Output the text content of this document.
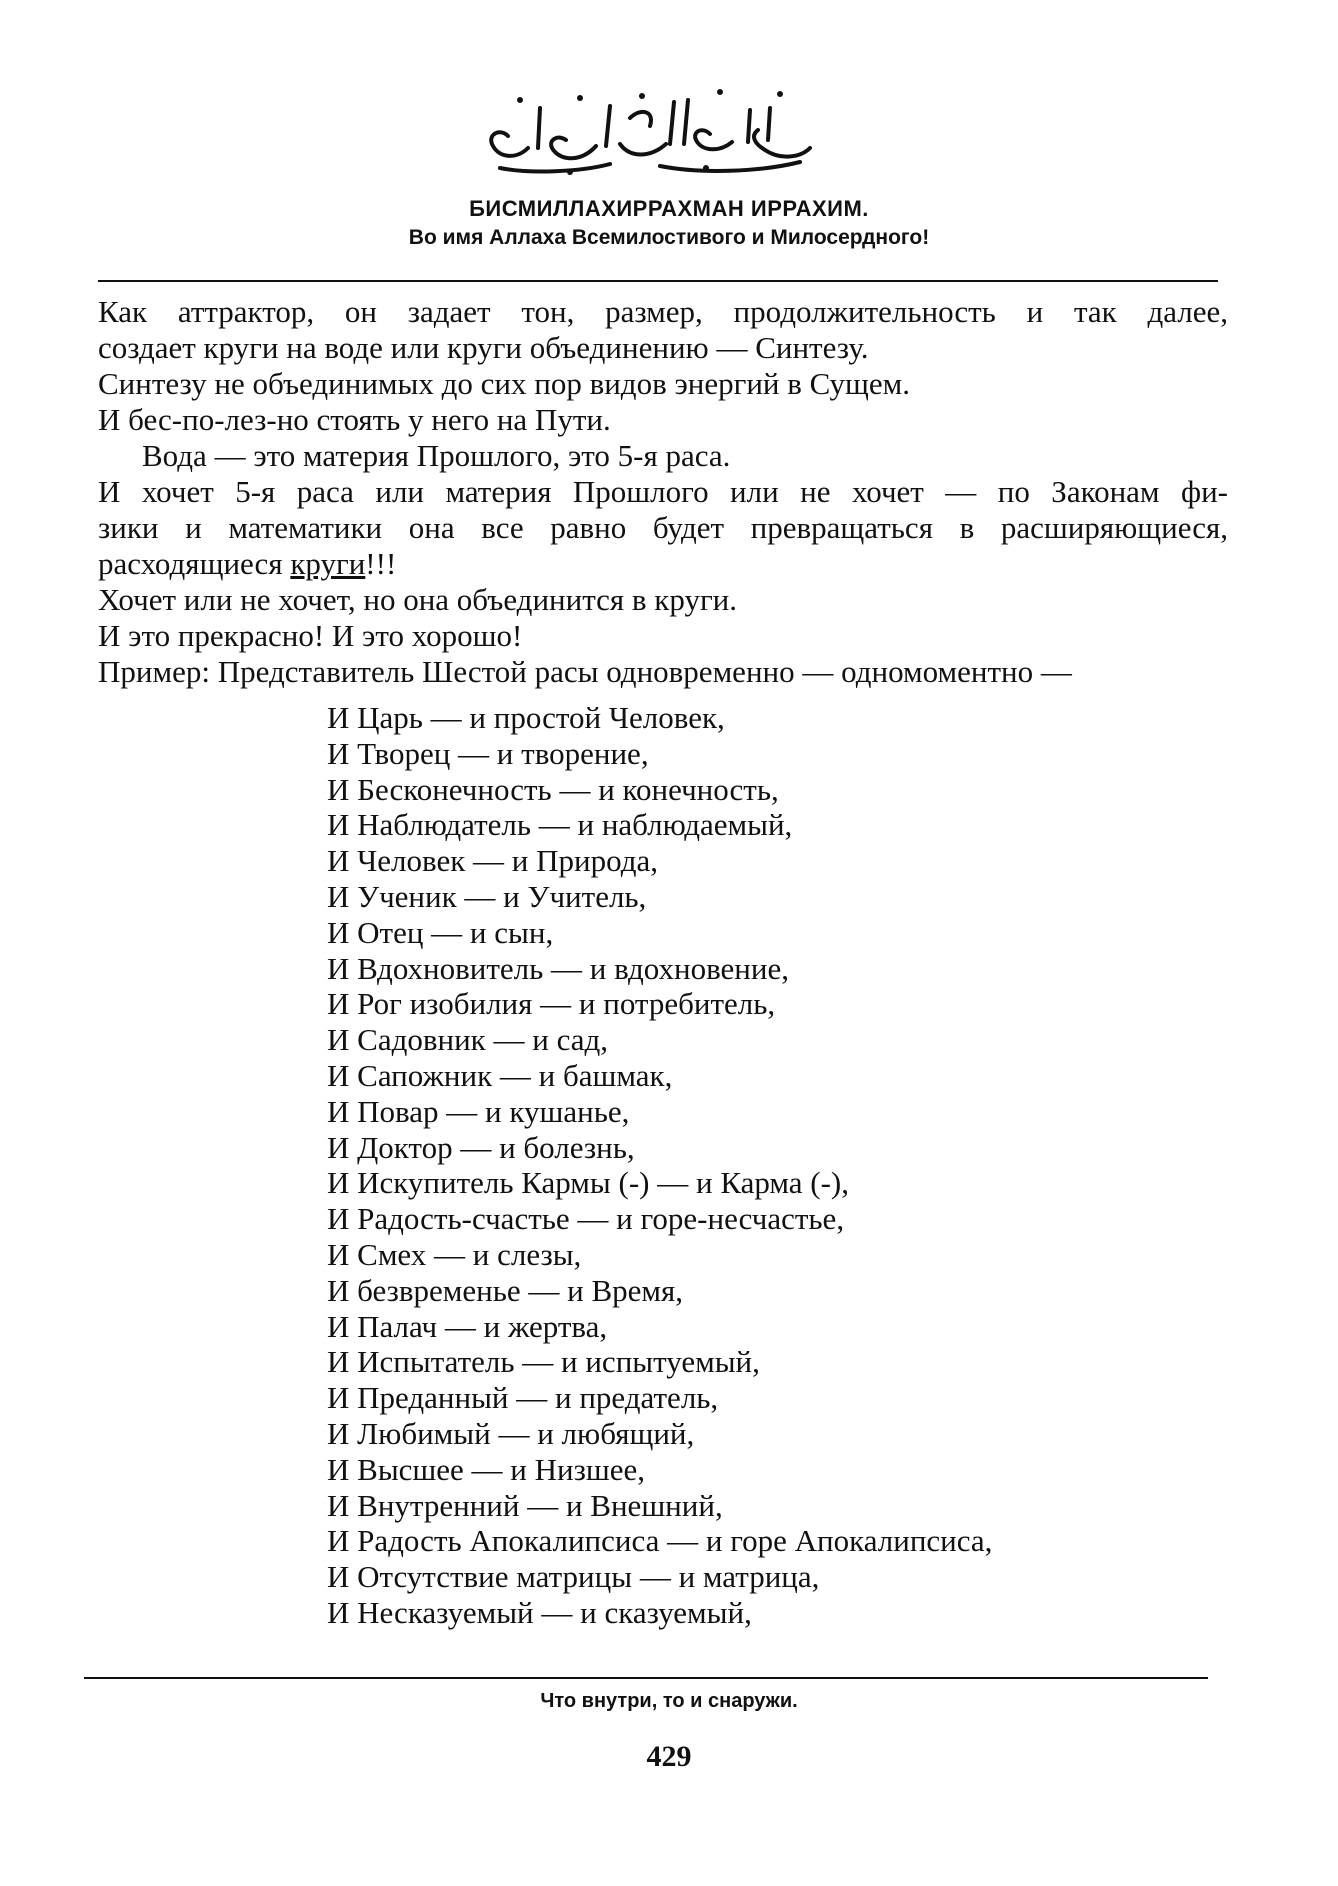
بسم الله الرحمن الرحيم
БИСМИЛЛАХИРРАХМАН ИРРАХИМ.
Во имя Аллаха Всемилостивого и Милосердного!
Как аттрактор, он задает тон, размер, продолжительность и так далее,
создает круги на воде или круги объединению — Синтезу.
Синтезу не объединимых до сих пор видов энергий в Сущем.
И бес-по-лез-но стоять у него на Пути.
Вода — это материя Прошлого, это 5-я раса.
И хочет 5-я раса или материя Прошлого или не хочет — по Законам фи-
зики и математики она все равно будет превращаться в расширяющиеся,
расходящиеся круги!!!
Хочет или не хочет, но она объединится в круги.
И это прекрасно! И это хорошо!
Пример: Представитель Шестой расы одновременно — одномоментно —
И Царь — и простой Человек,
И Творец — и творение,
И Бесконечность — и конечность,
И Наблюдатель — и наблюдаемый,
И Человек — и Природа,
И Ученик — и Учитель,
И Отец — и сын,
И Вдохновитель — и вдохновение,
И Рог изобилия — и потребитель,
И Садовник — и сад,
И Сапожник — и башмак,
И Повар — и кушанье,
И Доктор — и болезнь,
И Искупитель Кармы (-) — и Карма (-),
И Радость-счастье — и горе-несчастье,
И Смех — и слезы,
И безвременье — и Время,
И Палач — и жертва,
И Испытатель — и испытуемый,
И Преданный — и предатель,
И Любимый — и любящий,
И Высшее — и Низшее,
И Внутренний — и Внешний,
И Радость Апокалипсиса — и горе Апокалипсиса,
И Отсутствие матрицы — и матрица,
И Несказуемый — и сказуемый,
Что внутри, то и снаружи.
429
